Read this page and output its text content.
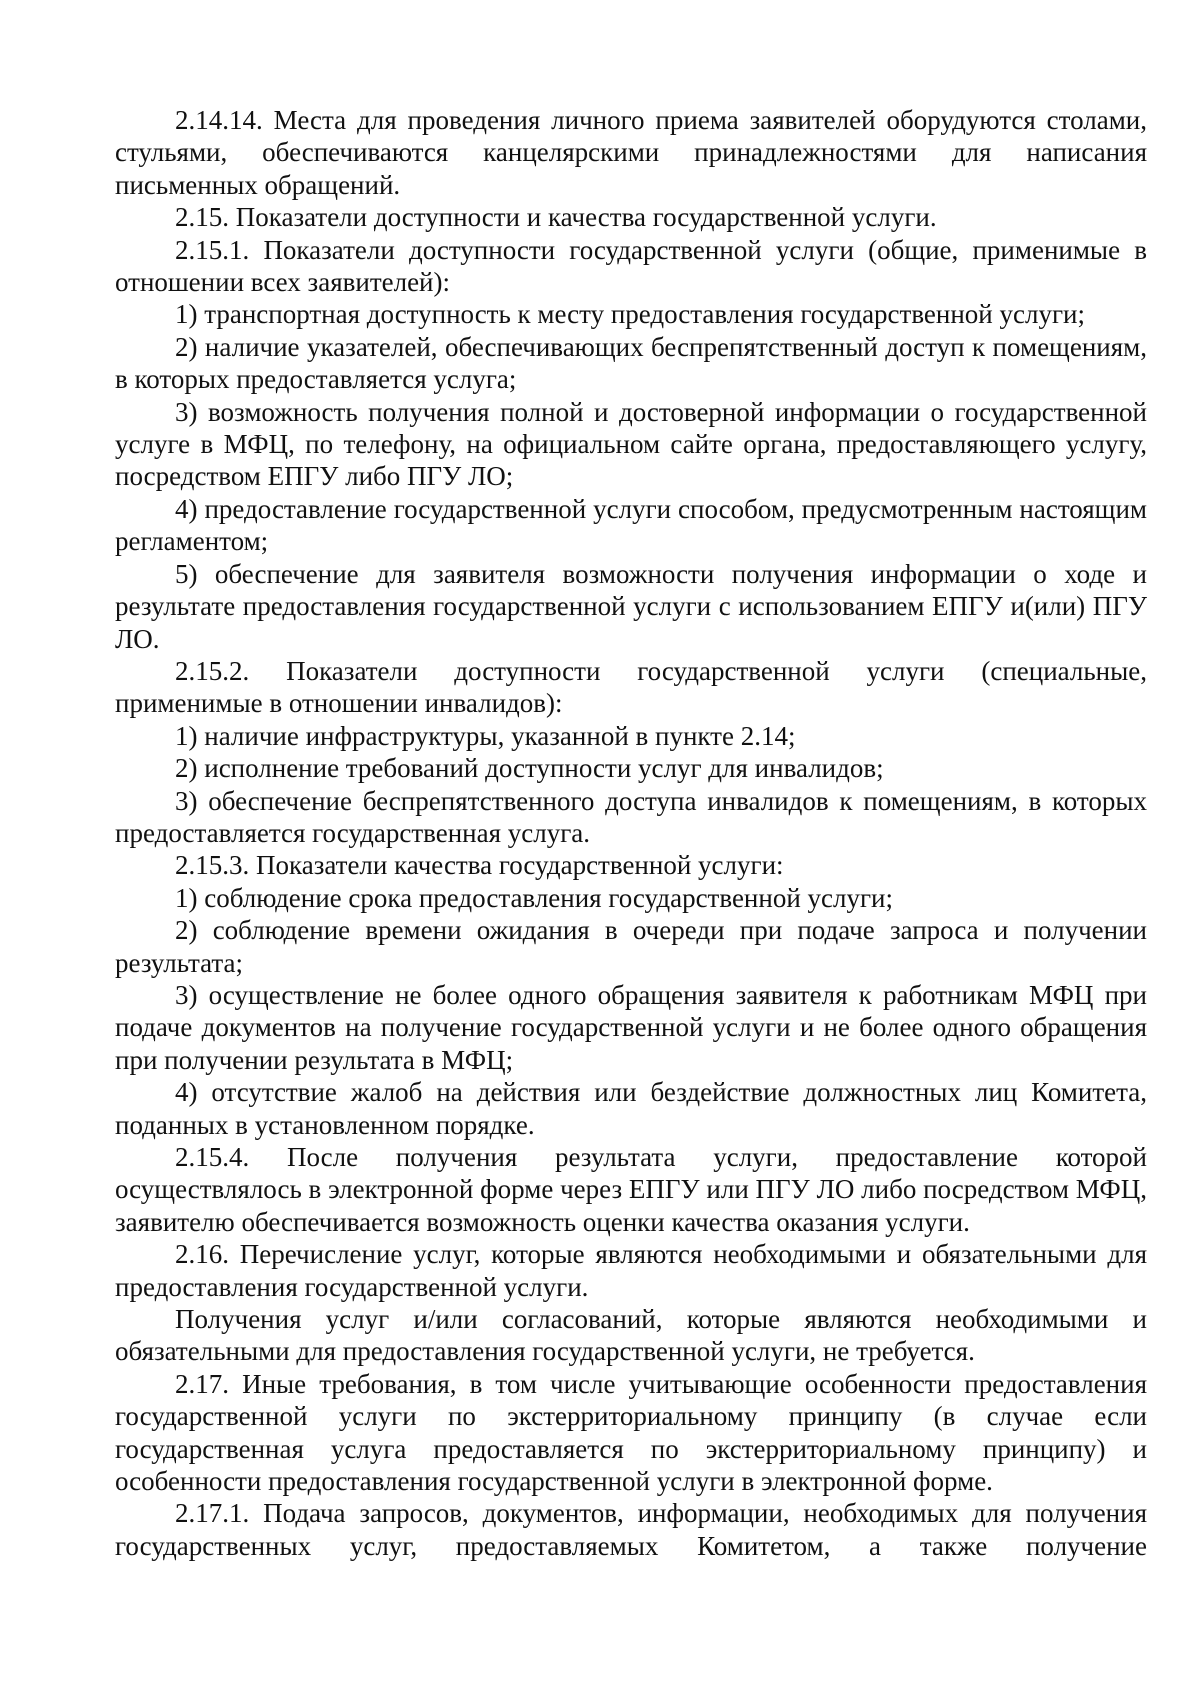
2.14.14. Места для проведения личного приема заявителей оборудуются столами, стульями, обеспечиваются канцелярскими принадлежностями для написания письменных обращений.

2.15. Показатели доступности и качества государственной услуги.

2.15.1. Показатели доступности государственной услуги (общие, применимые в отношении всех заявителей):

1) транспортная доступность к месту предоставления государственной услуги;

2) наличие указателей, обеспечивающих беспрепятственный доступ к помещениям, в которых предоставляется услуга;

3) возможность получения полной и достоверной информации о государственной услуге в МФЦ, по телефону, на официальном сайте органа, предоставляющего услугу, посредством ЕПГУ либо ПГУ ЛО;

4) предоставление государственной услуги способом, предусмотренным настоящим регламентом;

5) обеспечение для заявителя возможности получения информации о ходе и результате предоставления государственной услуги с использованием ЕПГУ и(или) ПГУ ЛО.

2.15.2. Показатели доступности государственной услуги (специальные, применимые в отношении инвалидов):

1) наличие инфраструктуры, указанной в пункте 2.14;

2) исполнение требований доступности услуг для инвалидов;

3) обеспечение беспрепятственного доступа инвалидов к помещениям, в которых предоставляется государственная услуга.

2.15.3. Показатели качества государственной услуги:

1) соблюдение срока предоставления государственной услуги;

2) соблюдение времени ожидания в очереди при подаче запроса и получении результата;

3) осуществление не более одного обращения заявителя к работникам МФЦ при подаче документов на получение государственной услуги и не более одного обращения при получении результата в МФЦ;

4) отсутствие жалоб на действия или бездействие должностных лиц Комитета, поданных в установленном порядке.

2.15.4. После получения результата услуги, предоставление которой осуществлялось в электронной форме через ЕПГУ или ПГУ ЛО либо посредством МФЦ, заявителю обеспечивается возможность оценки качества оказания услуги.

2.16. Перечисление услуг, которые являются необходимыми и обязательными для предоставления государственной услуги.

Получения услуг и/или согласований, которые являются необходимыми и обязательными для предоставления государственной услуги, не требуется.

2.17. Иные требования, в том числе учитывающие особенности предоставления государственной услуги по экстерриториальному принципу (в случае если государственная услуга предоставляется по экстерриториальному принципу) и особенности предоставления государственной услуги в электронной форме.

2.17.1. Подача запросов, документов, информации, необходимых для получения государственных услуг, предоставляемых Комитетом, а также получение
